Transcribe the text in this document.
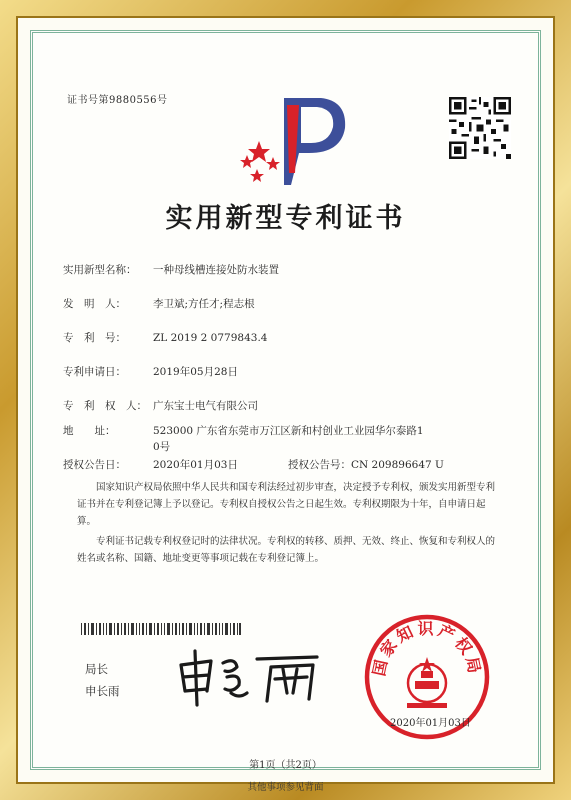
证书号第9880556号
实用新型专利证书
实用新型名称： 一种母线槽连接处防水装置
发　明　人：	李卫斌;方任才;程志根
专　利　号：	ZL 2019 2 0779843.4
专利申请日：	2019年05月28日
专　利　权　人： 广东宝士电气有限公司
地　　址：	523000 广东省东莞市万江区新和村创业工业园华尔泰路1
0号
授权公告日：	2020年01月03日	授权公告号：CN 209896647 U
国家知识产权局依照中华人民共和国专利法经过初步审查，决定授予专利权，颁发实用新型专利证书并在专利登记簿上予以登记。专利权自授权公告之日起生效。专利权期限为十年，自申请日起算。
专利证书记载专利权登记时的法律状况。专利权的转移、质押、无效、终止、恢复和专利权人的姓名或名称、国籍、地址变更等事项记载在专利登记簿上。
局长
申长雨
国家知识产权局
2020年01月03日
第1页（共2页）
其他事项参见背面
